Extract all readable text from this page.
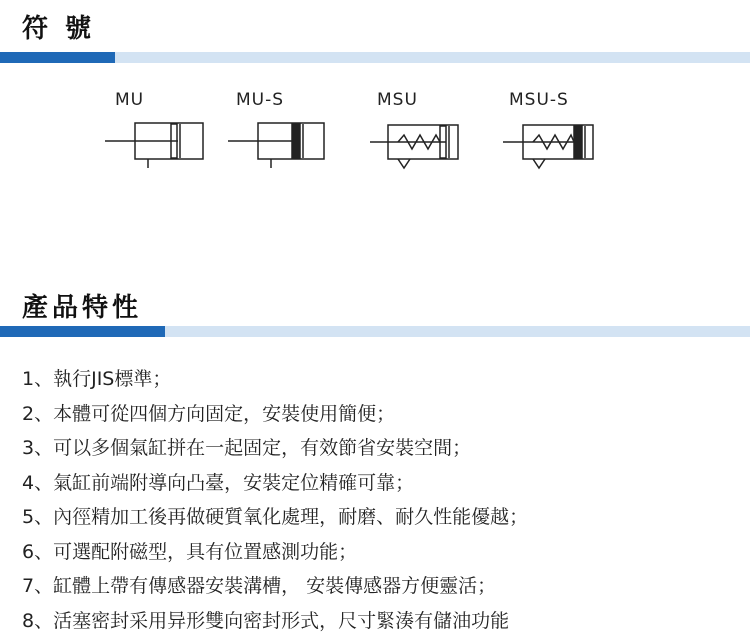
符 號
MU	MU-S	MSU	MSU-S
產品特性
1、執行JIS標準；
2、本體可從四個方向固定，安裝使用簡便；
3、可以多個氣缸拼在一起固定，有效節省安裝空間；
4、氣缸前端附導向凸臺，安裝定位精確可靠；
5、內徑精加工後再做硬質氧化處理，耐磨、耐久性能優越；
6、可選配附磁型，具有位置感測功能；
7、缸體上帶有傳感器安裝溝槽， 安裝傳感器方便靈活；
8、活塞密封采用异形雙向密封形式，尺寸緊湊有儲油功能
